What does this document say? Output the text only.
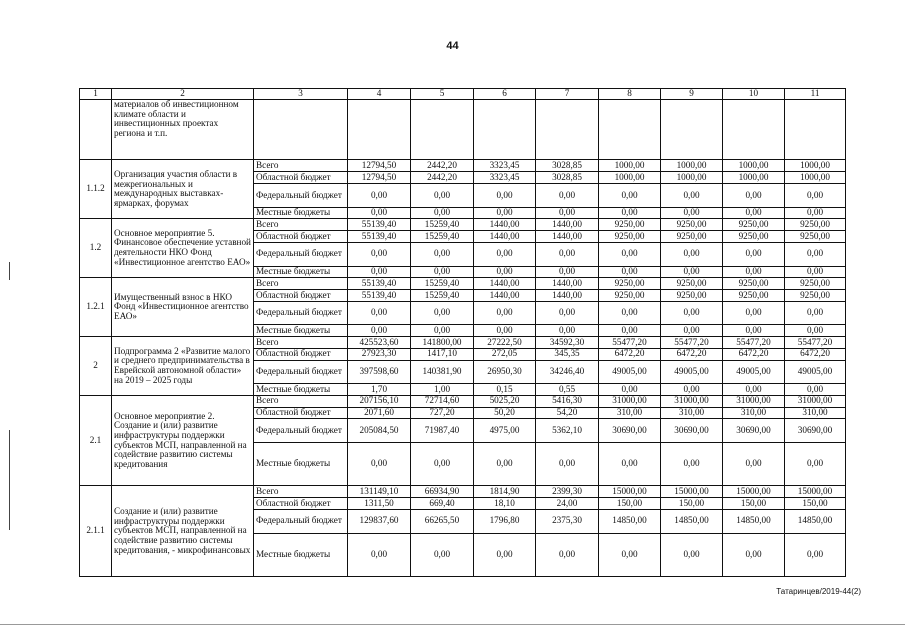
44
1	2	3	4	5	6	7	8	9	10	11
	материалов об инвестиционном климате области и инвестиционных проектах региона и т.п.									
1.1.2	Организация участия области в межрегиональных и международных выставках-ярмарках, форумах	Всего	12794,50	2442,20	3323,45	3028,85	1000,00	1000,00	1000,00	1000,00
		Областной бюджет	12794,50	2442,20	3323,45	3028,85	1000,00	1000,00	1000,00	1000,00
		Федеральный бюджет	0,00	0,00	0,00	0,00	0,00	0,00	0,00	0,00
		Местные бюджеты	0,00	0,00	0,00	0,00	0,00	0,00	0,00	0,00
1.2	Основное мероприятие 5. Финансовое обеспечение уставной деятельности НКО Фонд «Инвестиционное агентство ЕАО»	Всего	55139,40	15259,40	1440,00	1440,00	9250,00	9250,00	9250,00	9250,00
		Областной бюджет	55139,40	15259,40	1440,00	1440,00	9250,00	9250,00	9250,00	9250,00
		Федеральный бюджет	0,00	0,00	0,00	0,00	0,00	0,00	0,00	0,00
		Местные бюджеты	0,00	0,00	0,00	0,00	0,00	0,00	0,00	0,00
1.2.1	Имущественный взнос в НКО Фонд «Инвестиционное агентство ЕАО»	Всего	55139,40	15259,40	1440,00	1440,00	9250,00	9250,00	9250,00	9250,00
		Областной бюджет	55139,40	15259,40	1440,00	1440,00	9250,00	9250,00	9250,00	9250,00
		Федеральный бюджет	0,00	0,00	0,00	0,00	0,00	0,00	0,00	0,00
		Местные бюджеты	0,00	0,00	0,00	0,00	0,00	0,00	0,00	0,00
2	Подпрограмма 2 «Развитие малого и среднего предпринимательства в Еврейской автономной области» на 2019 – 2025 годы	Всего	425523,60	141800,00	27222,50	34592,30	55477,20	55477,20	55477,20	55477,20
		Областной бюджет	27923,30	1417,10	272,05	345,35	6472,20	6472,20	6472,20	6472,20
		Федеральный бюджет	397598,60	140381,90	26950,30	34246,40	49005,00	49005,00	49005,00	49005,00
		Местные бюджеты	1,70	1,00	0,15	0,55	0,00	0,00	0,00	0,00
2.1	Основное мероприятие 2. Создание и (или) развитие инфраструктуры поддержки субъектов МСП, направленной на содействие развитию системы кредитования	Всего	207156,10	72714,60	5025,20	5416,30	31000,00	31000,00	31000,00	31000,00
		Областной бюджет	2071,60	727,20	50,20	54,20	310,00	310,00	310,00	310,00
		Федеральный бюджет	205084,50	71987,40	4975,00	5362,10	30690,00	30690,00	30690,00	30690,00
		Местные бюджеты	0,00	0,00	0,00	0,00	0,00	0,00	0,00	0,00
2.1.1	Создание и (или) развитие инфраструктуры поддержки субъектов МСП, направленной на содействие развитию системы кредитования, - микрофинансовых	Всего	131149,10	66934,90	1814,90	2399,30	15000,00	15000,00	15000,00	15000,00
		Областной бюджет	1311,50	669,40	18,10	24,00	150,00	150,00	150,00	150,00
		Федеральный бюджет	129837,60	66265,50	1796,80	2375,30	14850,00	14850,00	14850,00	14850,00
		Местные бюджеты	0,00	0,00	0,00	0,00	0,00	0,00	0,00	0,00
Татаринцев/2019-44(2)
